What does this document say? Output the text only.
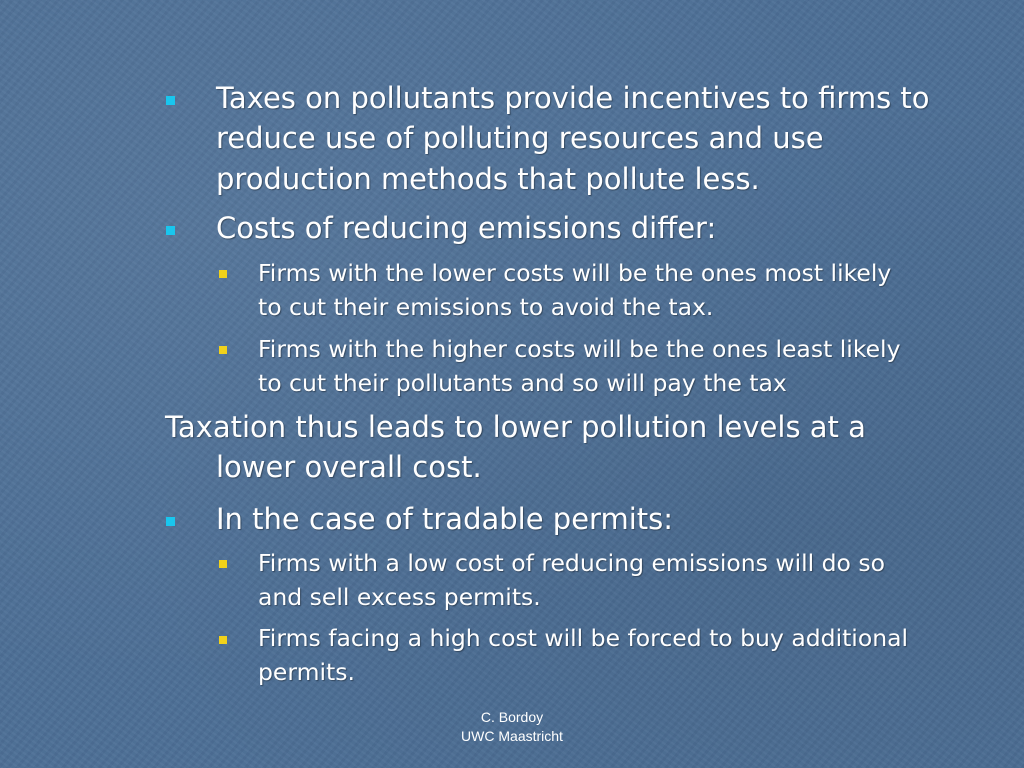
Taxes on pollutants provide incentives to firms to
reduce use of polluting resources and use
production methods that pollute less.
Costs of reducing emissions differ:
Firms with the lower costs will be the ones most likely
to cut their emissions to avoid the tax.
Firms with the higher costs will be the ones least likely
to cut their pollutants and so will pay the tax
Taxation thus leads to lower pollution levels at a
lower overall cost.
In the case of tradable permits:
Firms with a low cost of reducing emissions will do so
and sell excess permits.
Firms facing a high cost will be forced to buy additional
permits.
C. Bordoy
UWC Maastricht
